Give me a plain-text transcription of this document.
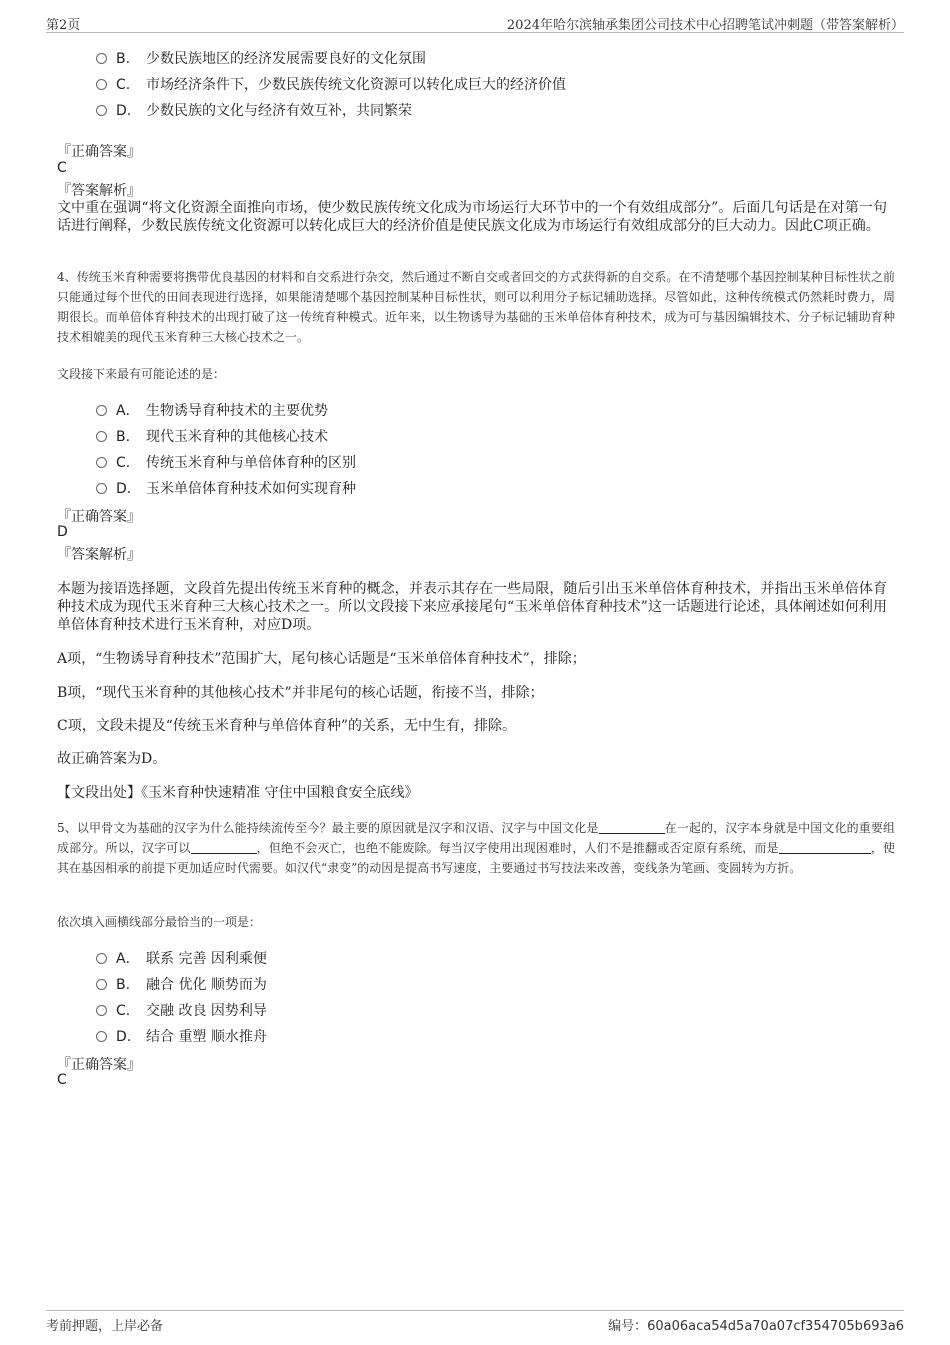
第2页	2024年哈尔滨轴承集团公司技术中心招聘笔试冲刺题（带答案解析）
B. 少数民族地区的经济发展需要良好的文化氛围
C. 市场经济条件下，少数民族传统文化资源可以转化成巨大的经济价值
D. 少数民族的文化与经济有效互补，共同繁荣
『正确答案』
C
『答案解析』
文中重在强调“将文化资源全面推向市场，使少数民族传统文化成为市场运行大环节中的一个有效组成部分”。后面几句话是在对第一句话进行阐释，少数民族传统文化资源可以转化成巨大的经济价值是使民族文化成为市场运行有效组成部分的巨大动力。因此C项正确。
4、传统玉米育种需要将携带优良基因的材料和自交系进行杂交，然后通过不断自交或者回交的方式获得新的自交系。在不清楚哪个基因控制某种目标性状之前只能通过每个世代的田间表现进行选择，如果能清楚哪个基因控制某种目标性状，则可以利用分子标记辅助选择。尽管如此，这种传统模式仍然耗时费力，周期很长。而单倍体育种技术的出现打破了这一传统育种模式。近年来，以生物诱导为基础的玉米单倍体育种技术，成为可与基因编辑技术、分子标记辅助育种技术相媲美的现代玉米育种三大核心技术之一。
文段接下来最有可能论述的是：
A． 生物诱导育种技术的主要优势
B. 现代玉米育种的其他核心技术
C. 传统玉米育种与单倍体育种的区别
D. 玉米单倍体育种技术如何实现育种
『正确答案』
D
『答案解析』
本题为接语选择题，文段首先提出传统玉米育种的概念，并表示其存在一些局限，随后引出玉米单倍体育种技术，并指出玉米单倍体育种技术成为现代玉米育种三大核心技术之一。所以文段接下来应承接尾句“玉米单倍体育种技术”这一话题进行论述，具体阐述如何利用单倍体育种技术进行玉米育种，对应D项。
A项，“生物诱导育种技术”范围扩大，尾句核心话题是“玉米单倍体育种技术”，排除；
B项，“现代玉米育种的其他核心技术”并非尾句的核心话题，衔接不当，排除；
C项，文段未提及“传统玉米育种与单倍体育种”的关系，无中生有，排除。
故正确答案为D。
【文段出处】《玉米育种快速精准 守住中国粮食安全底线》
5、以甲骨文为基础的汉字为什么能持续流传至今？最主要的原因就是汉字和汉语、汉字与中国文化是	在一起的，汉字本身就是中国文化的重要组成部分。所以，汉字可以	，但绝不会灭亡，也绝不能废除。每当汉字使用出现困难时，人们不是推翻或否定原有系统，而是	，使其在基因相承的前提下更加适应时代需要。如汉代“隶变”的动因是提高书写速度，主要通过书写技法来改善，变线条为笔画、变圆转为方折。
依次填入画横线部分最恰当的一项是：
A． 联系 完善 因利乘便
B. 融合 优化 顺势而为
C. 交融 改良 因势利导
D. 结合 重塑 顺水推舟
『正确答案』
C
考前押题，上岸必备	编号：60a06aca54d5a70a07cf354705b693a6
